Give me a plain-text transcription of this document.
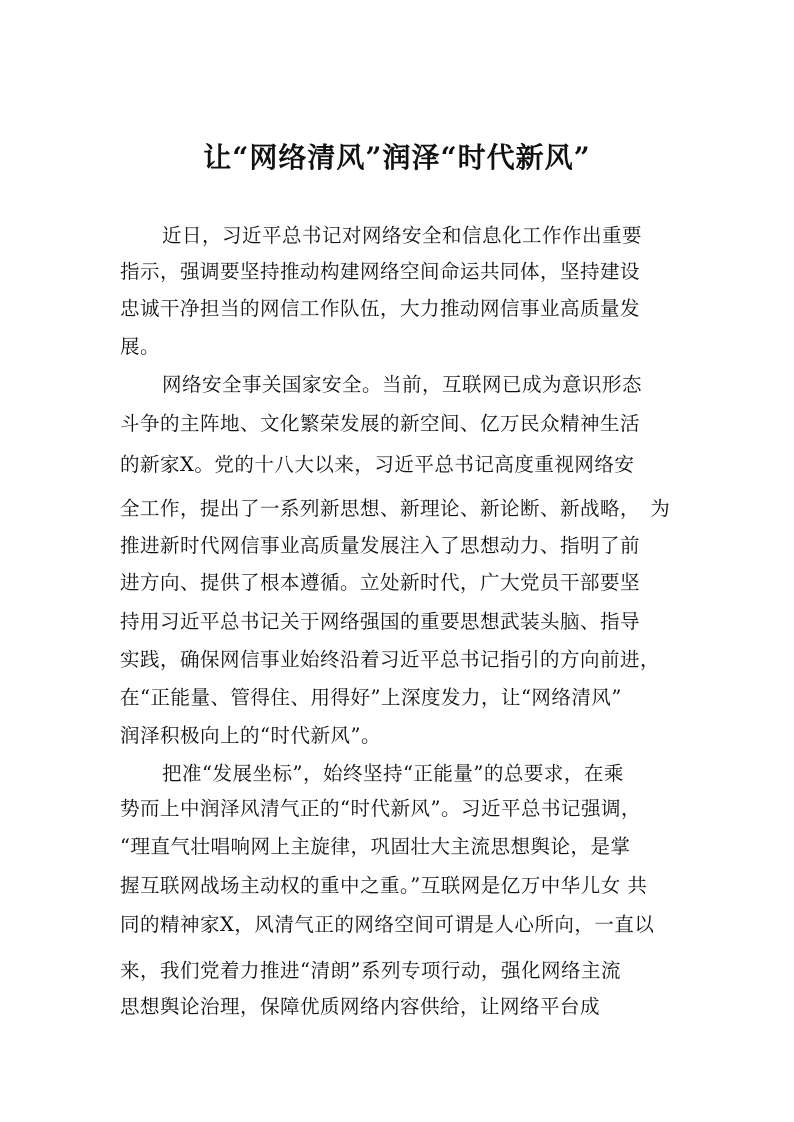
让“网络清风”润泽“时代新风”
近日，习近平总书记对网络安全和信息化工作作出重要
指示，强调要坚持推动构建网络空间命运共同体，坚持建设
忠诚干净担当的网信工作队伍，大力推动网信事业高质量发
展。
网络安全事关国家安全。当前，互联网已成为意识形态
斗争的主阵地、文化繁荣发展的新空间、亿万民众精神生活
的新家X。党的十八大以来，习近平总书记高度重视网络安
全工作，提出了一系列新思想、新理论、新论断、新战略，　为
推进新时代网信事业高质量发展注入了思想动力、指明了前
进方向、提供了根本遵循。立处新时代，广大党员干部要坚
持用习近平总书记关于网络强国的重要思想武装头脑、指导
实践，确保网信事业始终沿着习近平总书记指引的方向前进，
在“正能量、管得住、用得好”上深度发力，让“网络清风”
润泽积极向上的“时代新风”。
把准“发展坐标”，始终坚持“正能量”的总要求，在乘
势而上中润泽风清气正的“时代新风”。习近平总书记强调，
“理直气壮唱响网上主旋律，巩固壮大主流思想舆论，是掌
握互联网战场主动权的重中之重。”互联网是亿万中华儿女 共
同的精神家X，风清气正的网络空间可谓是人心所向，一直以
来，我们党着力推进“清朗”系列专项行动，强化网络主流
思想舆论治理，保障优质网络内容供给，让网络平台成
